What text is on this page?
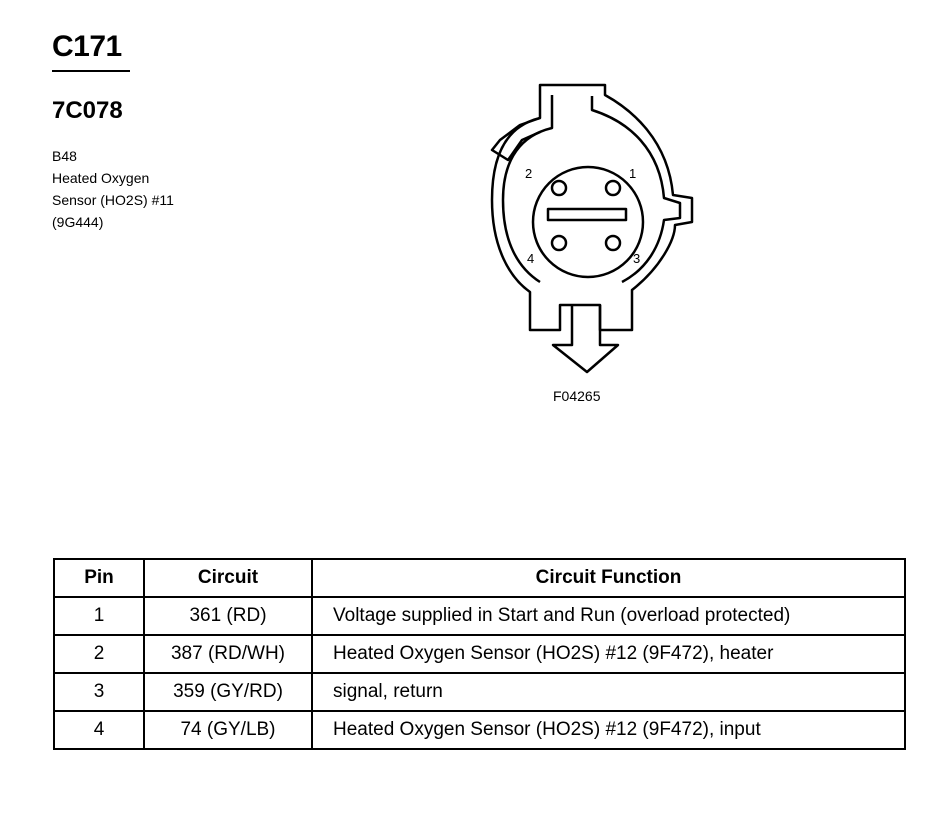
C171
7C078
B48
Heated Oxygen
Sensor (HO2S) #11
(9G444)
1
2
3
4
F04265
Pin	Circuit	Circuit Function
1	361 (RD)	Voltage supplied in Start and Run (overload protected)
2	387 (RD/WH)	Heated Oxygen Sensor (HO2S) #12 (9F472), heater
3	359 (GY/RD)	signal, return
4	74 (GY/LB)	Heated Oxygen Sensor (HO2S) #12 (9F472), input
